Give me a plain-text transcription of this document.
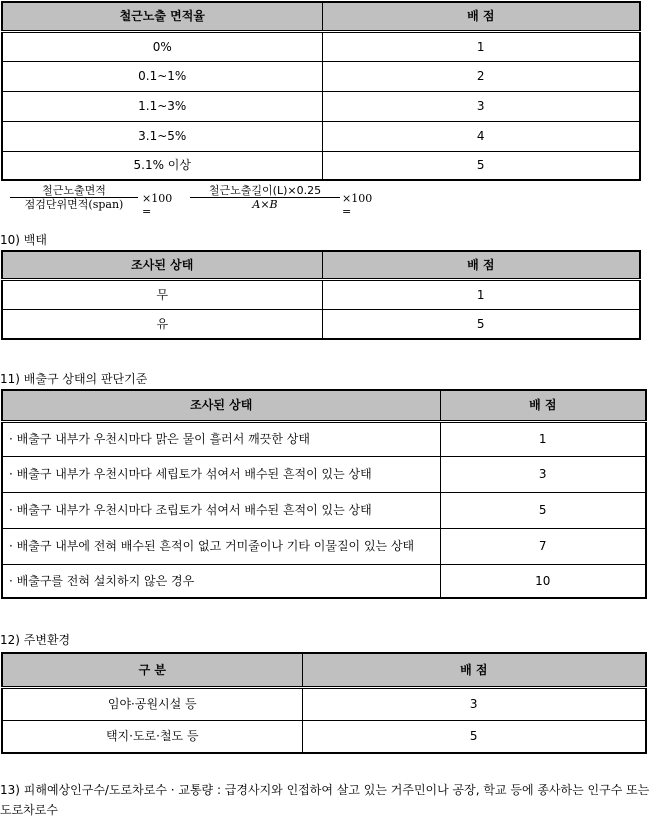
철근노출 면적율	배 점
0%	1
0.1~1%	2
1.1~3%	3
3.1~5%	4
5.1% 이상	5
철근노출면적
점검단위면적(span)	×100 =
철근노출길이(L)×0.25
A×B	×100 =
10) 백태
조사된 상태	배 점
무	1
유	5
11) 배출구 상태의 판단기준
조사된 상태	배 점
· 배출구 내부가 우천시마다 맑은 물이 흘러서 깨끗한 상태	1
· 배출구 내부가 우천시마다 세립토가 섞여서 배수된 흔적이 있는 상태	3
· 배출구 내부가 우천시마다 조립토가 섞여서 배수된 흔적이 있는 상태	5
· 배출구 내부에 전혀 배수된 흔적이 없고 거미줄이나 기타 이물질이 있는 상태	7
· 배출구를 전혀 설치하지 않은 경우	10
12) 주변환경
구 분	배 점
임야·공원시설 등	3
택지·도로·철도 등	5
13) 피해예상인구수/도로차로수 · 교통량 : 급경사지와 인접하여 살고 있는 거주민이나 공장, 학교 등에 종사하는 인구수 또는 도로차로수
